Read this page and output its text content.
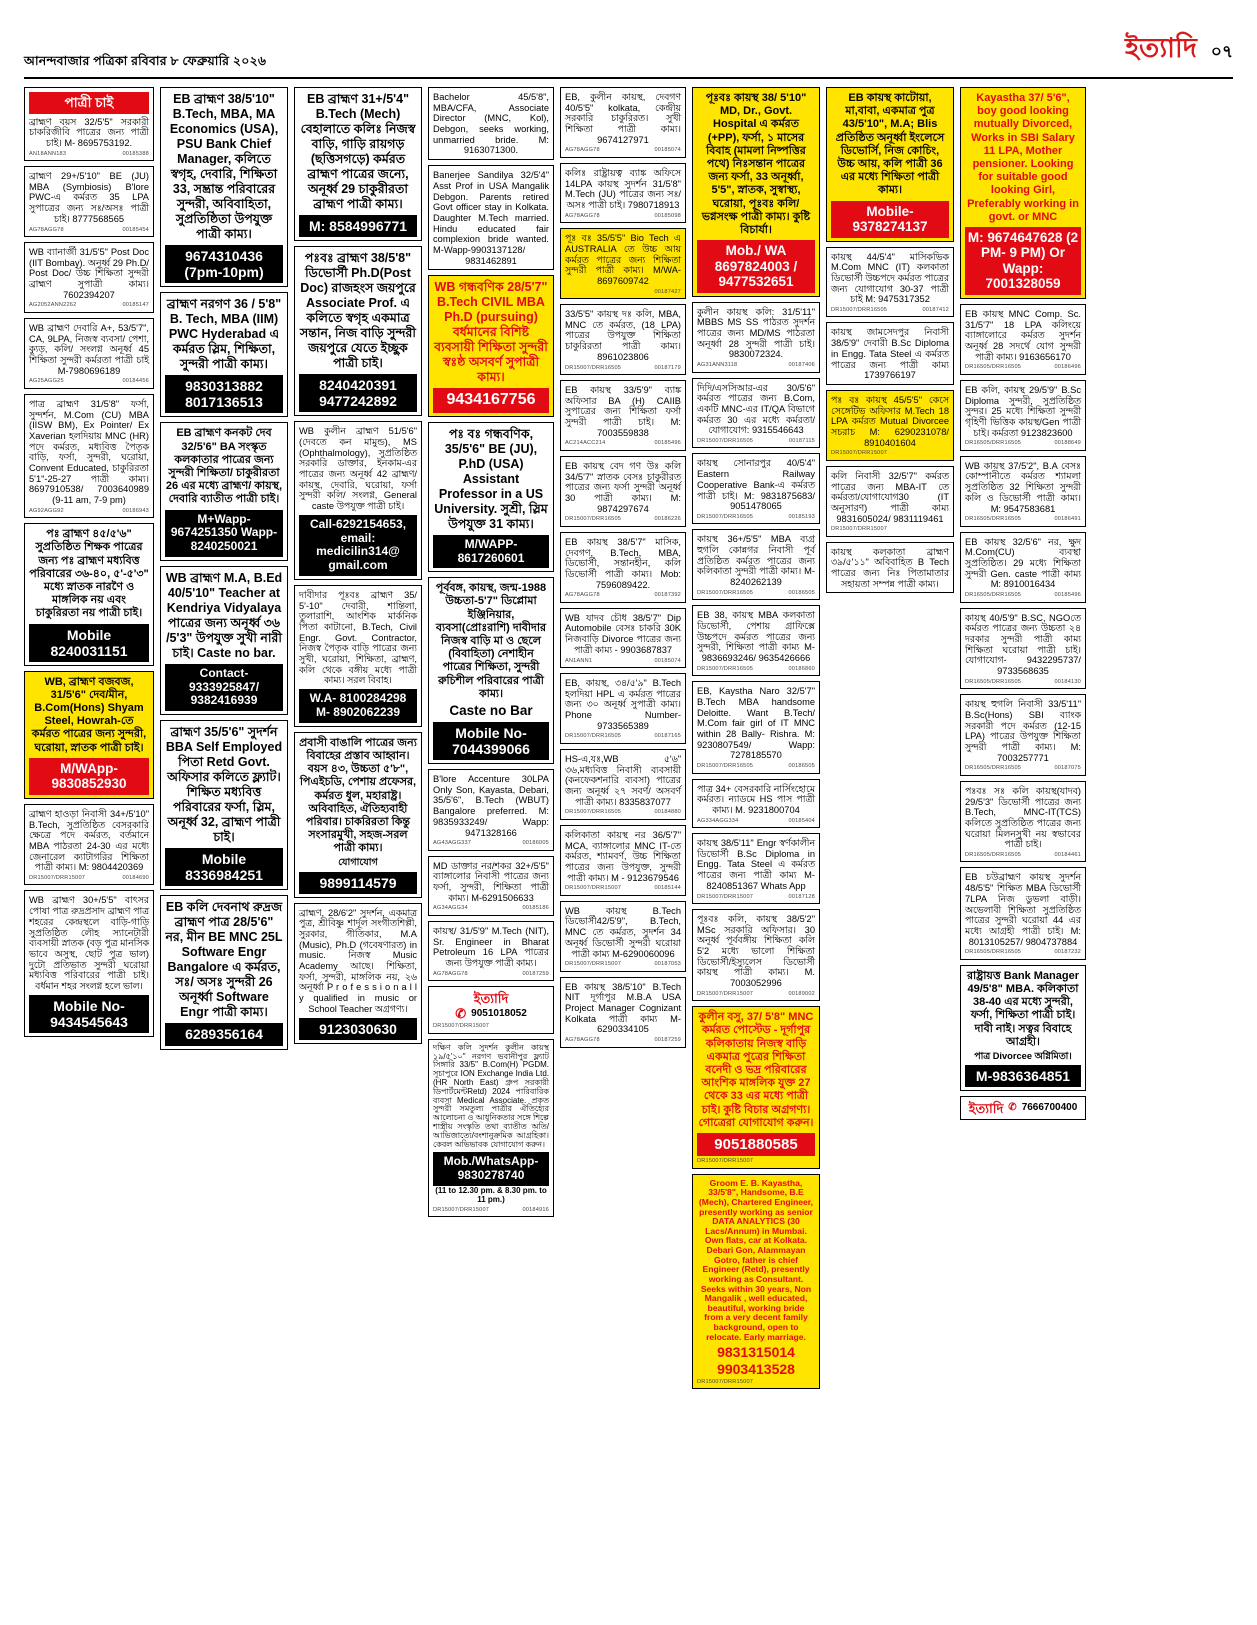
আনন্দবাজার পত্রিকা রবিবার ৮ ফেব্রুয়ারি ২০২৬	ইত্যাদি ০৭
পাত্রী চাই
ব্রাহ্মণ বয়স 32/5'5" সরকারী চাকরিজীবি পাত্রের জন্য পাত্রী চাই। M- 8695753192.
AN18ANN183	00185388
ব্রাহ্মণ 29+/5'10" BE (JU) MBA (Symbiosis) B'lore PWC-এ কর্মরত 35 LPA সুপাত্রের জন্য সঃ/অসঃ পাত্রী চাই। 8777568565
AG78AGG78	00185454
WB ব্যানার্জী 31/5'5" Post Doc (IIT Bombay). অনূর্ধ্ব 29 Ph.D/ Post Doc/ উচ্চ শিক্ষিতা সুন্দরী ব্রাহ্মণ সুপাত্রী কাম্য। 7602394207
AG2052ANN2262	00185147
WB ব্রাহ্মণ দেবারি A+, 53/5'7", CA, 9LPA, নিজস্ব ব্যবসা/ পেশা, ক্যুড়, কলি/ সংলগ্ন অনূর্ধ্ব 45 শিক্ষিতা সুন্দরী কর্মরতা পাত্রী চাই M-7980696189
AG25AGG25	00184456
পাত্র ব্রাহ্মণ 31/5'8" ফর্সা, সুন্দর্শন, M.Com (CU) MBA (IISW BM), Ex Pointer/ Ex Xaverian হলদিয়ায় MNC (HR) পদে কর্মরত, মধ্যবিত্ত পৈতৃক বাড়ি, ফর্সা, সুন্দরী, ঘরোয়া, Convent Educated, চাকুরিরতা 5'1"-25-27 পাত্রী কাম্য। 8697910538/ 7003640989 (9-11 am, 7-9 pm)
AG92AGG92	00186943
পঃ ব্রাহ্মণ ৪৫/৫'৬" সুপ্রতিষ্ঠিত শিক্ষক পাত্রের জন্য পঃ ব্রাহ্মণ মধ্যবিত্ত পরিবারের ৩৬-৪০, ৫'-৫'৩" মধ্যে স্নাতক নারণৈ ও মাঙ্গলিক নয় এবং চাকুরিরতা নয় পাত্রী চাই।
Mobile 8240031151
WB, ব্রাহ্মণ বজবজ, 31/5'6" দেব/মীন, B.Com(Hons) Shyam Steel, Howrah-তে কর্মরত পাত্রের জন্য সুন্দরী, ঘরোয়া, স্নাতক পাত্রী চাই।
M/WApp- 9830852930
ব্রাহ্মণ হাওড়া নিবাসী 34+/5'10" B.Tech, সুপ্রতিষ্ঠিত বেসরকারি ক্ষেত্রে পদে কর্মরত, বর্তমানে MBA পাঠরতা 24-30 এর মধ্যে জেনারেল ক্যাটাগরির শিক্ষিতা পাত্রী কাম্য। M: 9804420369
DR15007/DRR15007	00184690
WB ব্রাহ্মণ 30+/5'5" বাৎসর পোষা পাত্র রুদ্রপ্রসাদ ব্রাহ্মণ পাত্র শহরের কেন্দ্রস্থলে বাড়ি-গাড়ি সুপ্রতিষ্ঠিত লৌহ স্যানেটারী ব্যবসায়ী স্নাতক (বড় পুত্র মানসিক ভাবে অসুস্থ, ছোট পুত্র ভাল) দুটো প্রতিভাত সুন্দরী ঘরোয়া মধ্যবিত্ত পরিবারের পাত্রী চাই। বর্ধমান শহর সংলগ্ন হলে ভাল।
Mobile No- 9434545643
EB ব্রাহ্মণ 38/5'10" B.Tech, MBA, MA Economics (USA), PSU Bank Chief Manager, কলিতে স্বগৃহ, দেবারি, শিক্ষিতা 33, সম্ভ্রান্ত পরিবারের সুন্দরী, অবিবাহিতা, সুপ্রতিষ্ঠিতা উপযুক্ত পাত্রী কাম্য।
9674310436 (7pm-10pm)
ব্রাহ্মণ নরগণ 36 / 5'8" B. Tech, MBA (IIM) PWC Hyderabad এ কর্মরত স্লিম, শিক্ষিতা, সুন্দরী পাত্রী কাম্য।
9830313882 8017136513
EB ব্রাহ্মণ কনকট দেব 32/5'6" BA সংস্কৃত কলকাতার পাত্রের জন্য সুন্দরী শিক্ষিতা/ চাকুরীরতা 26 এর মধ্যে ব্রাহ্মণ/ কায়স্থ, দেবারি ব্যাতীত পাত্রী চাই।
M+Wapp- 9674251350 Wapp- 8240250021
WB ব্রাহ্মণ M.A, B.Ed 40/5'10" Teacher at Kendriya Vidyalaya পাত্রের জন্য অনূর্ধ্ব ৩৬ /5'3" উপযুক্ত সুখী নারী চাই। Caste no bar.
Contact- 9333925847/ 9382416939
ব্রাহ্মণ 35/5'6" সুদর্শন BBA Self Employed পিতা Retd Govt. অফিসার কলিতে ফ্ল্যাট। শিক্ষিত মধ্যবিত্ত পরিবারের ফর্সা, স্লিম, অনূর্ধ্ব 32, ব্রাহ্মণ পাত্রী চাই।
Mobile 8336984251
EB কলি দেবনাথ রুদ্রজ ব্রাহ্মণ পাত্র 28/5'6" নর, মীন BE MNC 25L Software Engr Bangalore এ কর্মরত, সঃ/ অসঃ সুন্দরী 26 অনূর্ধ্বা Software Engr পাত্রী কাম্য।
6289356164
EB ব্রাহ্মণ 31+/5'4" B.Tech (Mech) বেহালাতে কলিঃ নিজস্ব বাড়ি, গাড়ি রায়গড় (ছত্তিসগড়ে) কর্মরত ব্রাহ্মণ পাত্রের জন্যে, অনূর্ধ্ব 29 চাকুরীরতা ব্রাহ্মণ পাত্রী কাম্য।
M: 8584996771
পঃবঃ ব্রাহ্মণ 38/5'8" ডিভোর্সী Ph.D(Post Doc) রাজহংস জয়পুরে Associate Prof. এ কলিতে স্বগৃহ একমাত্র সন্তান, নিজ বাড়ি সুন্দরী জয়পুরে যেতে ইচ্ছুক পাত্রী চাই।
8240420391 9477242892
WB কুলীন ব্রাহ্মণ 51/5'6" (দেবতে কন মামুন্ড), MS (Ophthalmology), সুপ্রতিষ্ঠিত সরকারি ডাক্তার, ইনকাম-এর পাত্রের জন্য অনূর্ধ্ব 42 ব্রাহ্মণ/ কায়স্থ, দেবারি, ঘরোয়া, ফর্সা সুন্দরী কলি/ সংলগ্ন, General caste উপযুক্ত পাত্রী চাই।
Call-6292154653, email: medicilin314@ gmail.com
দাবীদার পূঃবঃ ব্রাহ্মণ 35/ 5'-10" দেবারী, শান্তিলা, তুলারাশি, আংশিক মার্কনিক পিতা কাটানো, B.Tech, Civil Engr. Govt. Contractor, নিজস্ব পৈতৃক বাড়ি পাত্রের জন্য সুখী, ঘরোয়া, শিক্ষিতা, ব্রাহ্মণ, কলি থেকে বঙ্গীয় মধ্যে পাত্রী কাম্য। সরল বিবাহ।
W.A- 8100284298 M- 8902062239
প্রবাসী বাঙালি পাত্রের জন্য বিবাহের প্রস্তাব আহ্বান। বয়স ৪৩, উচ্চতা ৫'৮", পিএইচডি, পেশায় প্রফেসর, কর্মরত ধুল, মহারাষ্ট্র। অবিবাহিত, ঐতিহ্যবাহী পরিবার। চাকরিরতা কিন্তু সংসারমুখী, সহজ-সরল পাত্রী কাম্য।
যোগাযোগ
9899114579
ব্রাহ্মণ, 28/6'2" সুদর্শন, একমাত্র পুত্র, শ্রীবিষ্ণু শার্দূল সংগীতশিল্পী, সুরকার, গীতিকার, M.A (Music), Ph.D (গবেষণারত) in music. নিজস্ব Music Academy আছে। শিক্ষিতা, ফর্সা, সুন্দরী, মাঙ্গলিক নয়, ২৬ অনূর্ধ্বা P r o f e s s i o n a l l y qualified in music or School Teacher অগ্রগণ্য।
9123030630
Bachelor 45/5'8", MBA/CFA, Associate Director (MNC, Kol), Debgon, seeks working, unmarried bride. M: 9163071300.
Banerjee Sandilya 32/5'4" Asst Prof in USA Mangalik Debgon. Parents retired Govt officer stay in Kolkata. Daughter M.Tech married. Hindu educated fair complexion bride wanted. M-Wapp-9903137128/ 9831462891
WB গন্ধবণিক 28/5'7" B.Tech CIVIL MBA Ph.D (pursuing) বর্ধমানের বিশিষ্ট ব্যবসায়ী শিক্ষিতা সুন্দরী স্বঃষ্ঠ অসবর্ণ সুপাত্রী কাম্য।
9434167756
পঃ বঃ গন্ধবণিক, 35/5'6" BE (JU), P.hD (USA) Assistant Professor in a US University. সুশ্রী, স্লিম উপযুক্ত 31 কাম্য।
M/WAPP- 8617260601
পূর্ববঙ্গ, কায়স্থ, জন্ম-1988 উচ্চতা-5'7" ডিপ্লোমা ইঞ্জিনিয়ার, ব্যবসা(প্রোঃরাশি) দাবীদার নিজস্ব বাড়ি মা ও ছেলে (বিবাহিতা) নেশাহীন পাত্রের শিক্ষিতা, সুন্দরী রুচিশীল পরিবারের পাত্রী কাম্য।
Caste no Bar
Mobile No- 7044399066
B'lore Accenture 30LPA Only Son, Kayasta, Debari, 35/5'6", B.Tech (WBUT) Bangalore preferred. M: 9835933249/ Wapp: 9471328166
AG43AGG337	00186005
MD ডাক্তার নর/শকর 32+/5'5" ব্যাঙ্গালোর নিবাসী পাত্রের জন্য ফর্সা, সুন্দরী, শিক্ষিতা পাত্রী কাম্য। M-6291506633
AG34AGG34	00185186
কায়স্থ/ 31/5'9" M.Tech (NIT), Sr. Engineer in Bharat Petroleum 16 LPA পাত্রের জন্য উপযুক্ত পাত্রী কাম্য।
AG78AGG78	00187259
ইত্যাদি
✆ 9051018052
DR15007/DRR15007
দক্ষিণ কলি সুদর্শন কুলীন কায়স্থ ১৯/৫'১০" নরগণ ভবানীপুর ফ্ল্যাট সিঙ্গারি 33/5" B.Com(H) PGDM. সূচাপুরে ION Exchange India Ltd. (HR North East) গ্রুপ সরকারী ডিপার্টমেন্টRetd) 2024 পারিবারিক ব্যবসা Medical Associate. প্রকৃত সুন্দরী সমতুল্য পাত্রীর ঐতিহ্যের আলোচনা ও আধুনিকতার সঙ্গে শিল্পে শাস্ত্রীয় সংস্কৃতি তথা ব্যাতীত অতি/আভিজাত্যে/বংশানুক্রমিক আগ্রহিকা। কেবল অভিভাবক যোগাযোগ করুন।
Mob./WhatsApp- 9830278740
(11 to 12.30 pm. & 8.30 pm. to 11 pm.)
DR15007/DRR15007	00184916
EB, কুলীন কায়স্থ, দেবগণ 40/5'5" kolkata, কেন্দ্রীয় সরকারি চাকুরিরত। সুখী শিক্ষিতা পাত্রী কাম্য। 9674127971
AG78AGG78	00185074
কলিঃ রাষ্ট্রায়ত্ব ব্যাঙ্ক অফিসে 14LPA কায়স্থ সুদর্শন 31/5'8" M.Tech (JU) পাত্রের জন্য সঃ/অসঃ পাত্রী চাই। 7980718913
AG78AGG78	00185098
পূঃ বঃ 35/5'5" Bio Tech এ AUSTRALIA তে উচ্চ আয় কর্মরত পাত্রের জন্য শিক্ষিতা সুন্দরী পাত্রী কাম্য। M/WA- 8697609742
00187427
33/5'5" কায়স্থ দঃ কলি, MBA, MNC তে কর্মরত, (18 LPA) পাত্রের উপযুক্ত শিক্ষিতা চাকুরিরতা পাত্রী কাম্য। 8961023806
DR15007/DRR16505	00187179
EB কায়স্থ 33/5'9" ব্যাঙ্ক অফিসার BA (H) CAIIB সুপাত্রের জন্য শিক্ষিতা ফর্সা সুন্দরী পাত্রী চাই। M: 7003559838
AC214ACC214	00185496
EB কায়স্থ বেদ গণ উঃ কলি 34/5'7" স্নাতক বেসঃ চাকুরীরত পাত্রের জন্য ফর্সা সুন্দরী অনূর্ধ্ব 30 পাত্রী কাম্য। M: 9874297674
DR15007/DRR16505	00186226
EB কায়স্থ 38/5'7" মাসিক, দেবগণ, B.Tech, MBA, ডিভোর্সী, সন্তানহীন, কলি ডিভোর্সী পাত্রী কাম্য। Mob: 7596089422.
AG78AGG78	00187392
WB যাদব চৌধ 38/5'7" Dip Automobile বেসঃ চাকরি 30K নিজবাড়ি Divorce পাত্রের জন্য পাত্রী কাম্য - 9903687837
AN1ANN1	00185074
EB, কায়স্থ, ৩৪/৫'৯" B.Tech হলদিয়া HPL এ কর্মরত পাত্রের জন্য ৩০ অনূর্ধ্ব সুপাত্রী কাম্য। Phone Number-9733565389
DR15007/DRR16505	00187165
HS-এ,যঃ,WB ৫'৬" ৩৬,মধ্যবিত্ত নিবাসী ব্যবসায়ী (কনফেকশনারি ব্যবসা) পাত্রের জন্য অনূর্ধ্ব ২৭ সবর্ণ/ অসবর্ণ পাত্রী কাম্য। 8335837077
DR15007/DRR16505	00184880
কলিকাতা কায়স্থ নর 36/5'7" MCA, ব্যাঙ্গালোর MNC IT-তে কর্মরত, শ্যামবর্ণ, উচ্চ শিক্ষিতা পাত্রের জন্য উপযুক্ত, সুন্দরী পাত্রী কাম্য। M - 9123679546
DR15007/DRR15007	00185144
WB কায়স্থ B.Tech ডিভোর্সী42/5'9", B.Tech, MNC তে কর্মরত, সুদর্শন 34 অনূর্ধ্ব ডিভোর্সী সুন্দরী ঘরোয়া পাত্রী কাম্য M-6290060096
DR15007/DRR15007	00187053
EB কায়স্থ 38/5'10" B.Tech NIT দূর্গাপুর M.B.A USA Project Manager Cognizant Kolkata পাত্রী কাম্য M- 6290334105
AG78AGG78	00187259
পূঃবঃ কায়স্থ 38/ 5'10" MD, Dr., Govt. Hospital এ কর্মরত (+PP), ফর্সা, ১ মাসের বিবাহ (মামলা নিষ্পত্তির পথে) নিঃসন্তান পাত্রের জন্য ফর্সা, 33 অনূর্ধ্বা, 5'5", স্নাতক, সুস্বাস্থ্য, ঘরোয়া, পূঃবঃ কলি/ ভগ্নসংক্ষ পাত্রী কাম্য। কুষ্টি বিচার্যা।
Mob./ WA 8697824003 / 9477532651
কুলীন কায়স্থ কলি: 31/5'11" MBBS MS SS পাঠরত সুদর্শন পাত্রের জন্য MD/MS পাঠরতা অনূর্ধ্বা 28 সুন্দরী পাত্রী চাই। 9830072324.
AG31ANN3118	00187406
দিদি/এসসিআর-এর 30/5'6" কর্মরত পাত্রের জন্য B.Com, একটি MNC-এর IT/QA বিভাগে কর্মরত 30 এর মধ্যে কর্মরতা/ যোগাযোগ: 9315546643
DR15007/DRR16505	00187115
কায়স্থ সোনারপুর 40/5'4" Eastern Railway Cooperative Bank-এ কর্মরত পাত্রী চাই। M: 9831875683/ 9051478065
DR15007/DRR16505	00185193
কায়স্থ 36+/5'5" MBA ব্যগ্র হুগলি কোন্নগর নিবাসী পূর্ব প্রতিষ্ঠিত কর্মরত পাত্রের জন্য কলিকাতা সুন্দরী পাত্রী কাম্য। M- 8240262139
DR15007/DRR16505	00186505
EB 38, কায়স্থ MBA কলকাতা ডিভোর্সী, পেশায় গ্রাফিক্সে উচ্চপদে কর্মরত পাত্রের জন্য সুন্দরী, শিক্ষিতা পাত্রী কাম্য M-9836693246/ 9635426666
DR15007/DRR16505	00186860
EB, Kaystha Naro 32/5'7" B.Tech MBA handsome Deloitte. Want B.Tech/ M.Com fair girl of IT MNC within 28 Bally- Rishra. M: 9230807549/ Wapp: 7278185570
DR15007/DRR16505	00186505
পাত্র 34+ বেসরকারি নার্সিংহোমে কর্মরত। ন্যাডমে HS পাস পাত্রী কাম্য। M. 9231800704
AG334AGG334	00185404
কায়স্থ 38/5'11" Engr স্বর্ণকালীন ডিভোর্সী B.Sc Diploma in Engg. Tata Steel এ কর্মরত পাত্রের জন্য পাত্রী কাম্য M- 8240851367 Whats App
DR15007/DRR15007	00187128
পূঃবঃ কলি, কায়স্থ 38/5'2" MSc সরকারি অফিসার। 30 অনূর্ধ্ব পূর্ববঙ্গীয় শিক্ষিতা কলি 5'2 মধ্যে ভালো শিক্ষিতা ডিভোর্সী/ইস্যুলেস ডিভোর্সী কায়স্থ পাত্রী কাম্য। M. 7003052996
DR15007/DRR15007	00189002
কুলীন বসু, 37/ 5'8" MNC কর্মরত পোস্টেড - দূর্গাপুর কলিকাতায় নিজস্ব বাড়ি একমাত্র পুত্রের শিক্ষিতা বনেদী ও ভদ্র পরিবারের আংশিক মাঙ্গলিক যুক্ত 27 থেকে 33 এর মধ্যে পাত্রী চাই। কুষ্টি বিচার অগ্রগণ্য। গোত্রেরা যোগাযোগ করুন।
9051880585
DR15007/DRR15007
Groom E. B. Kayastha, 33/5'8", Handsome, B.E (Mech), Chartered Engineer, presently working as senior DATA ANALYTICS (30 Lacs/Annum) in Mumbai. Own flats, car at Kolkata. Debari Gon, Alammayan Gotro, father is chief Engineer (Retd), presently working as Consultant. Seeks within 30 years, Non Mangalik , well educated, beautiful, working bride from a very decent family background, open to relocate. Early marriage.
9831315014 9903413528
DR15007/DRR15007
EB কায়স্থ কাটোয়া, মা,বাবা, একমাত্র পুত্র 43/5'10", M.A; Blis প্রতিষ্ঠিত অনূর্ধ্বা ইংলেসে ডিভোর্সি, নিজ কোচিং, উচ্চ আয়, কলি পাত্রী 36 এর মধ্যে শিক্ষিতা পাত্রী কাম্য।
Mobile- 9378274137
কায়স্থ 44/5'4" মাসিকভিক M.Com MNC (IT) কলকাতা ডিভোর্সী উচ্চপদে কর্মরত পাত্রের জন্য যোগাযোগ 30-37 পাত্রী চাই M: 9475317352
DR15007/DRR16505	00187412
কায়স্থ জামসেদপুর নিবাসী 38/5'9" দেবারী B.Sc Diploma in Engg. Tata Steel এ কর্মরত পাত্রের জন্য পাত্রী কাম্য 1739766197
পঃ বঃ কায়স্থ 45/5'5" কেসে সেঙ্গেটিভ অফিসার M.Tech 18 LPA কর্মরত Mutual Divorcee সচরাচ M: 6290231078/ 8910401604
DR15007/DRR15007
কলি নিবাসী 32/5'7" কর্মরত পাত্রের জন্য MBA-IT তে কর্মরতা/যোগাযোগ30 (IT অনুসারণ) পাত্রী কাম্য 9831605024/ 9831119461
DR15007/DRR15007
কায়স্থ কলকাতা ব্রাহ্মণ ৩৯/৫'১১" অবিবাহিত B Tech পাত্রের জন্য নিঃ পিতামাতার সহায়তা সম্পন্ন পাত্রী কাম্য।
Kayastha 37/ 5'6", boy good looking mutually Divorced, Works in SBI Salary 11 LPA, Mother pensioner. Looking for suitable good looking Girl, Preferably working in govt. or MNC
M: 9674647628 (2 PM- 9 PM) Or Wapp: 7001328059
EB কায়স্থ MNC Comp. Sc. 31/5'7" 18 LPA কলিংয়ে ব্যাঙ্গালোরে কর্মরত সুদর্শন অনূর্ধ্ব 28 সদর্থে যোগ সুন্দরী পাত্রী কাম্য। 9163656170
DR16505/DRR16505	00186496
EB কলি, কায়স্থ 29/5'9" B.Sc Diploma সুন্দরী, সুপ্রতিষ্ঠিত সুন্দর। 25 মধ্যে শিক্ষিতা সুন্দরী গৃহিণী ভিত্তিক কায়স্থ/Gen পাত্রী চাই। কর্মরতা 9123823600
DR16505/DRR16505	00188649
WB কায়স্থ 37/5'2", B.A বেসঃ কোম্পানীতে কর্মরত শ্যামলা সুপ্রতিষ্ঠিত 32 শিক্ষিতা সুন্দরী কলি ও ডিভোর্সী পাত্রী কাম্য। M: 9547583681
DR16505/DRR16505	00186491
EB কায়স্থ 32/5'6" নর, ক্ষুদ M.Com(CU) ব্যবস্থা সুপ্রতিষ্ঠিত। 29 মধ্যে শিক্ষিতা সুন্দরী Gen. caste পাত্রী কাম্য M: 8910016434
DR16505/DRR16505	00185496
কায়স্থ 40/5'9" B.SC, NGOতে কর্মরত পাত্রের জন্য উচ্চতা ২৪ দরকার সুন্দরী পাত্রী কাম্য শিক্ষিতা ঘরোয়া পাত্রী চাই। যোগাযোগ- 9432295737/ 9733568635
DR16505/DRR16505	00184130
কায়স্থ হুগলি নিবাসী 33/5'11" B.Sc(Hons) SBI ব্যাংক সরকারী পদে কর্মরত (12-15 LPA) পাত্রের উপযুক্ত শিক্ষিতা সুন্দরী পাত্রী কাম্য। M: 7003257771
DR16505/DRR16505	00187075
পঃবঃ সঃ কলি কায়স্থ(যাদব) 29/5'3" ডিভোর্সী পাত্রের জন্য B.Tech, MNC-IT(TCS) কলিতে সুপ্রতিষ্ঠিত পাত্রের জন্য ঘরোয়া মিলনসুখী নয় স্বভাবের পাত্রী চাই।
DR16505/DRR16505	00184461
EB চউব্রাহ্মণ কায়স্থ সুদর্শন 48/5'5" শিক্ষিত MBA ডিভোর্সী 7LPA নিজ ডুভলা বাড়ী। অভেলাবী শিক্ষিতা সুপ্রতিষ্ঠিত পাত্রের সুন্দরী ঘরোয়া 44 এর মধ্যে আগ্রহী পাত্রী চাই। M: 8013105257/ 9804737884
DR16505/DRR16505	00187232
রাষ্ট্রায়ত্ত Bank Manager 49/5'8" MBA. কলিকাতা 38-40 এর মধ্যে সুন্দরী, ফর্সা, শিক্ষিতা পাত্রী চাই। দাবী নাই। সত্বর বিবাহে আগ্রহী।
পাত্র Divorcee অগ্নিমিতা।
M-9836364851
ইত্যাদি ✆ 7666700400
